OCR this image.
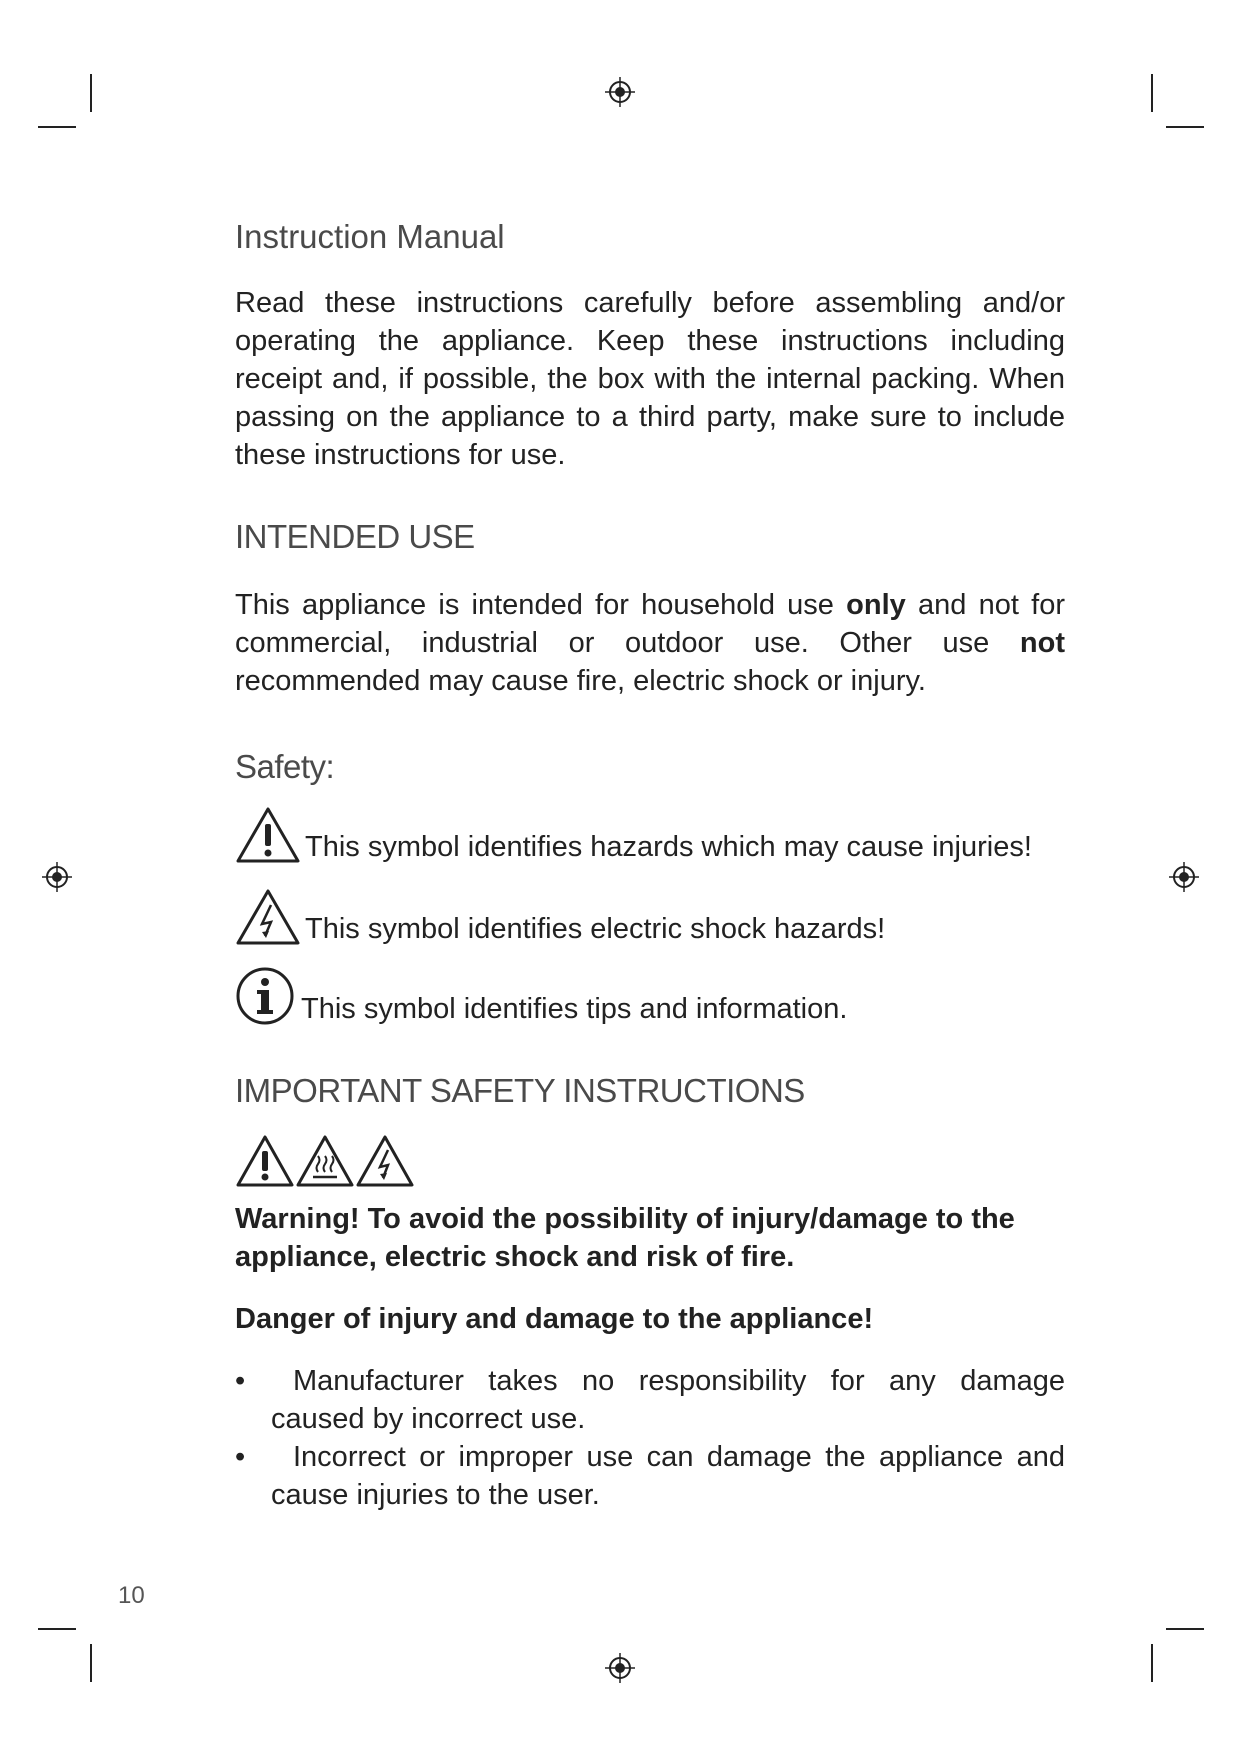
Instruction Manual

Read these instructions carefully before assembling and/or operating the appliance. Keep these instructions including receipt and, if possible, the box with the internal packing. When passing on the appliance to a third party, make sure to include these instructions for use.

INTENDED USE

This appliance is intended for household use only and not for commercial, industrial or outdoor use. Other use not recommended may cause fire, electric shock or injury.

Safety:
This symbol identifies hazards which may cause injuries!
This symbol identifies electric shock hazards!
This symbol identifies tips and information.
IMPORTANT SAFETY INSTRUCTIONS

Warning! To avoid the possibility of injury/damage to the appliance, electric shock and risk of fire.

Danger of injury and damage to the appliance!

• Manufacturer takes no responsibility for any damage caused by incorrect use.
• Incorrect or improper use can damage the appliance and cause injuries to the user.
10
